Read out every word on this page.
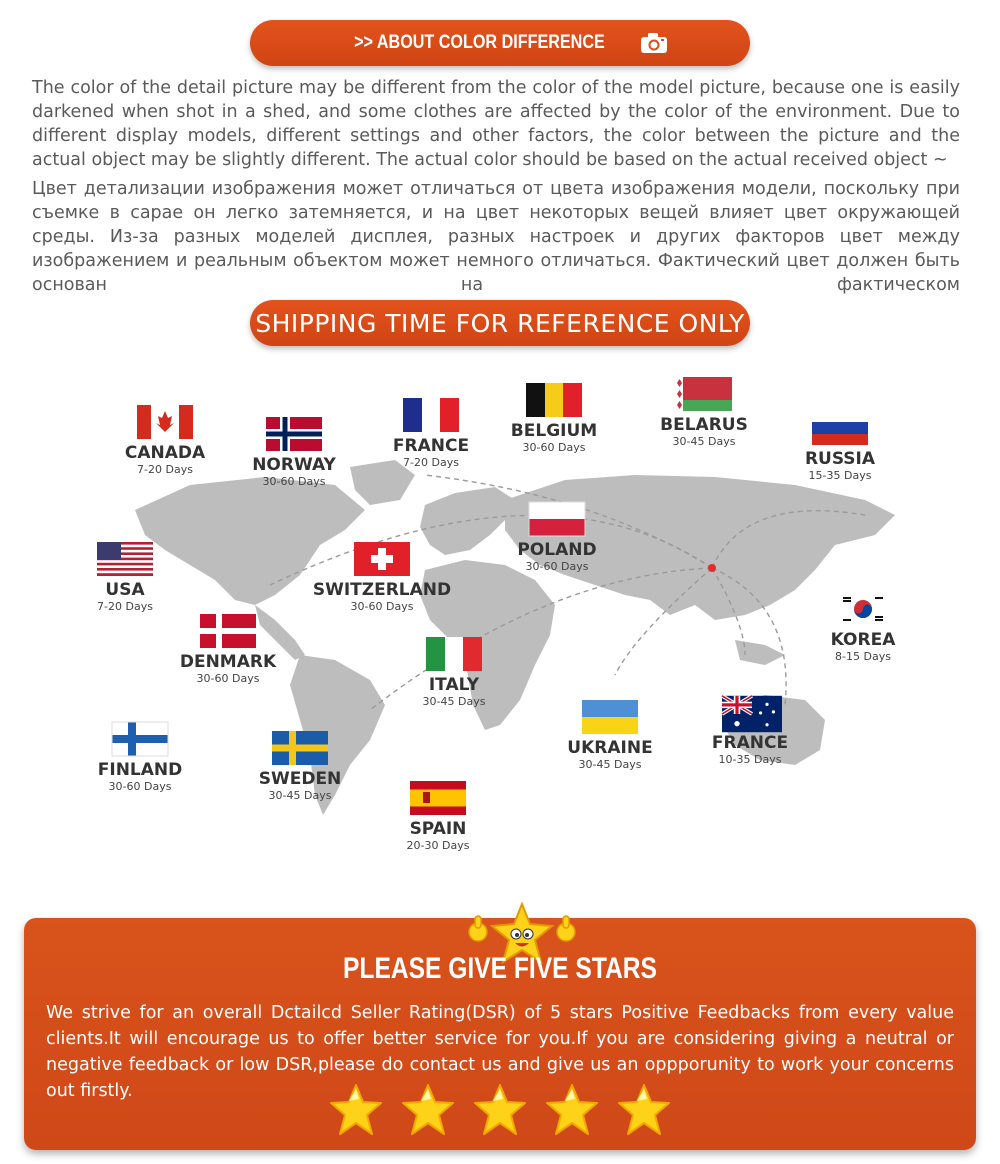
>> ABOUT COLOR DIFFERENCE

The color of the detail picture may be different from the color of the model picture, because one is easily darkened when shot in a shed, and some clothes are affected by the color of the environment. Due to different display models, different settings and other factors, the color between the picture and the actual object may be slightly different. The actual color should be based on the actual received object ~

Цвет детализации изображения может отличаться от цвета изображения модели, поскольку при съемке в сарае он легко затемняется, и на цвет некоторых вещей влияет цвет окружающей среды. Из-за разных моделей дисплея, разных настроек и других факторов цвет между изображением и реальным объектом может немного отличаться. Фактический цвет должен быть основан на фактическом

SHIPPING TIME FOR REFERENCE ONLY
CANADA
7-20 Days	NORWAY
30-60 Days
FRANCE
7-20 Days
BELGIUM
30-60 Days
BELARUS
30-45 Days
RUSSIA
15-35 Days
USA
7-20 Days
SWITZERLAND
30-60 Days
POLAND
30-60 Days
KOREA
8-15 Days
DENMARK
30-60 Days	ITALY
30-45 Days
FINLAND
30-60 Days	SWEDEN
30-45 Days
UKRAINE
30-45 Days
FRANCE
10-35 Days
SPAIN
20-30 Days
PLEASE GIVE FIVE STARS

We strive for an overall Dctailcd Seller Rating(DSR) of 5 stars Positive Feedbacks from every value clients.It will encourage us to offer better service for you.If you are considering giving a neutral or negative feedback or low DSR,please do contact us and give us an oppporunity to work your concerns out firstly.
